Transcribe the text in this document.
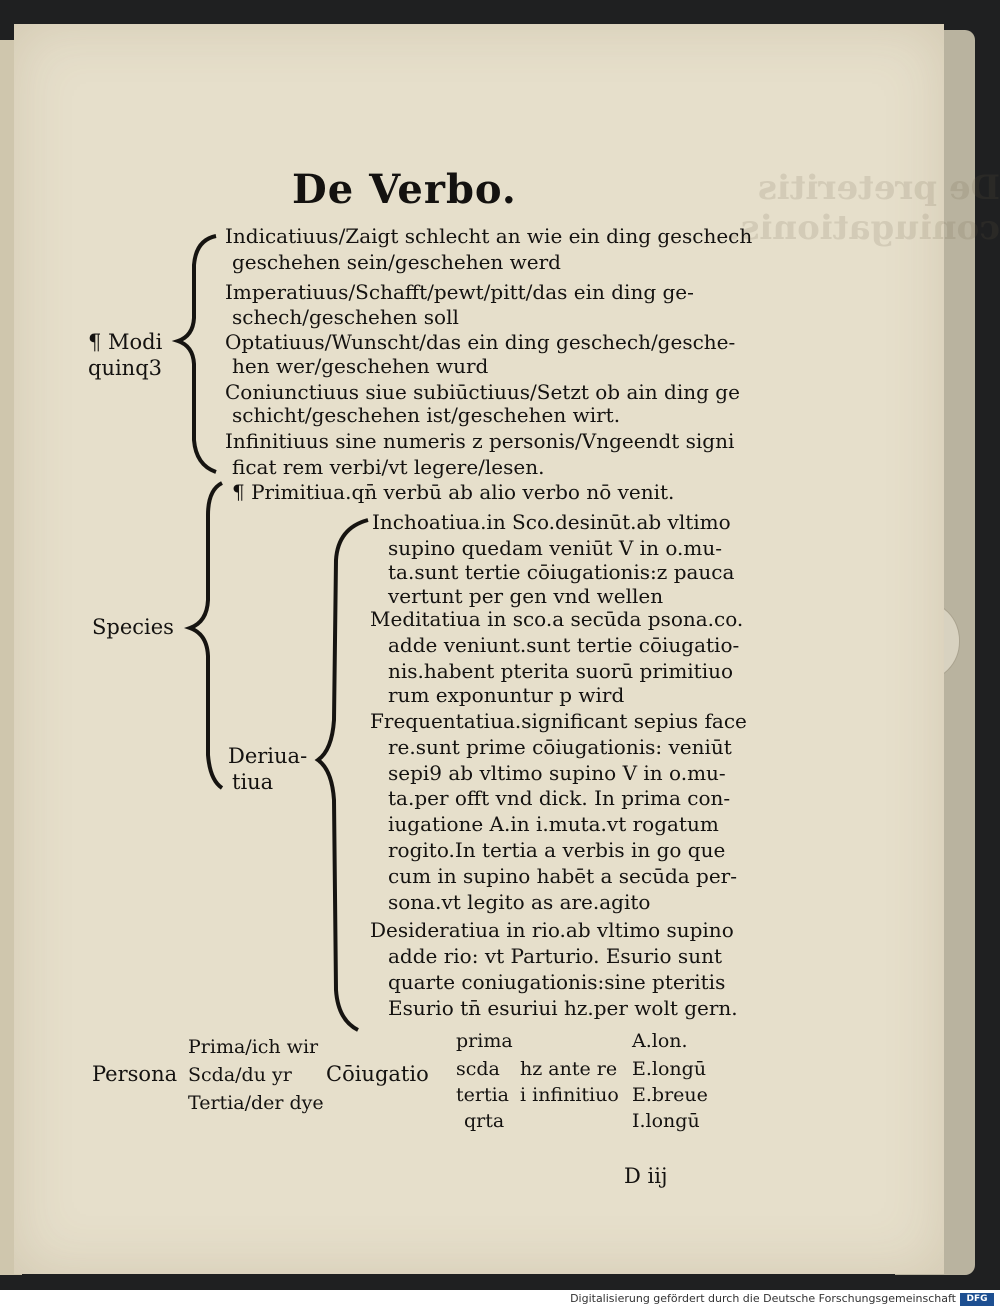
De preteritis coniugationis.
De Verbo.
¶ Modi
quinq3
Indicatiuus/Zaigt schlecht an wie ein ding geschech
geschehen sein/geschehen werd
Imperatiuus/Schafft/pewt/pitt/das ein ding ge-
schech/geschehen soll
Optatiuus/Wunscht/das ein ding geschech/gesche-
hen wer/geschehen wurd
Coniunctiuus siue subiūctiuus/Setzt ob ain ding ge
schicht/geschehen ist/geschehen wirt.
Infinitiuus sine numeris z personis/Vngeendt signi
ficat rem verbi/vt legere/lesen.
Species
¶ Primitiua.qn̄ verbū ab alio verbo nō venit.
Deriua-
tiua
Inchoatiua.in Sco.desinūt.ab vltimo
supino quedam veniūt V in o.mu-
ta.sunt tertie cōiugationis:z pauca
vertunt per gen vnd wellen
Meditatiua in sco.a secūda psona.co.
adde veniunt.sunt tertie cōiugatio-
nis.habent pterita suorū primitiuo
rum exponuntur p wird
Frequentatiua.significant sepius face
re.sunt prime cōiugationis: veniūt
sepi9 ab vltimo supino V in o.mu-
ta.per offt vnd dick. In prima con-
iugatione A.in i.muta.vt rogatum
rogito.In tertia a verbis in go que
cum in supino habēt a secūda per-
sona.vt legito as are.agito
Desideratiua in rio.ab vltimo supino
adde rio: vt Parturio. Esurio sunt
quarte coniugationis:sine pteritis
Esurio tn̄ esuriui hz.per wolt gern.
Persona
Prima/ich wir
Scda/du yr
Tertia/der dye
Cōiugatio
prima
scda
tertia
qrta
hz ante re
i infinitiuo
A.lon.
E.longū
E.breue
I.longū
D iij
Digitalisierung gefördert durch die Deutsche Forschungsgemeinschaft	DFG
